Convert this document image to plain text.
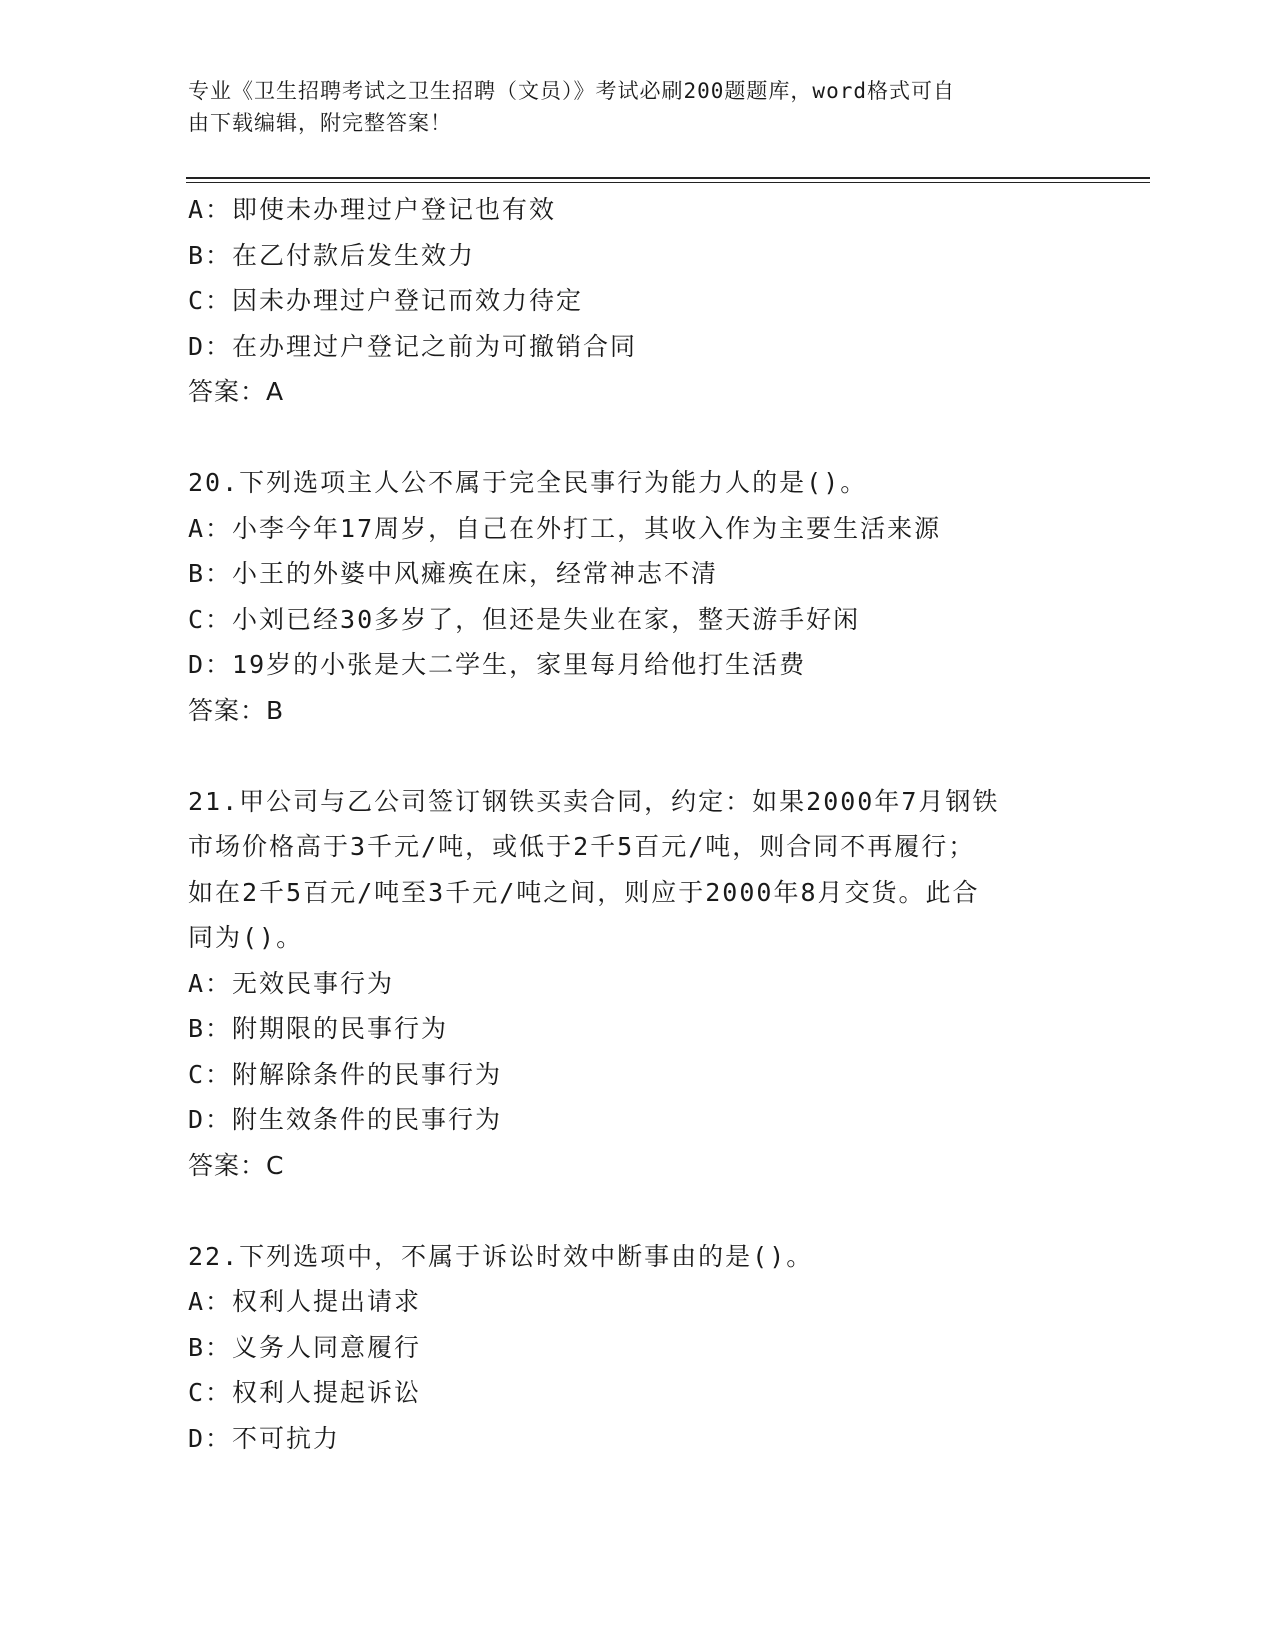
专业《卫生招聘考试之卫生招聘（文员）》考试必刷200题题库，word格式可自
由下载编辑，附完整答案！
A：即使未办理过户登记也有效
B：在乙付款后发生效力
C：因未办理过户登记而效力待定
D：在办理过户登记之前为可撤销合同
答案：A
20.下列选项主人公不属于完全民事行为能力人的是()。
A：小李今年17周岁，自己在外打工，其收入作为主要生活来源
B：小王的外婆中风瘫痪在床，经常神志不清
C：小刘已经30多岁了，但还是失业在家，整天游手好闲
D：19岁的小张是大二学生，家里每月给他打生活费
答案：B
21.甲公司与乙公司签订钢铁买卖合同，约定：如果2000年7月钢铁
市场价格高于3千元/吨，或低于2千5百元/吨，则合同不再履行；
如在2千5百元/吨至3千元/吨之间，则应于2000年8月交货。此合
同为()。
A：无效民事行为
B：附期限的民事行为
C：附解除条件的民事行为
D：附生效条件的民事行为
答案：C
22.下列选项中，不属于诉讼时效中断事由的是()。
A：权利人提出请求
B：义务人同意履行
C：权利人提起诉讼
D：不可抗力
